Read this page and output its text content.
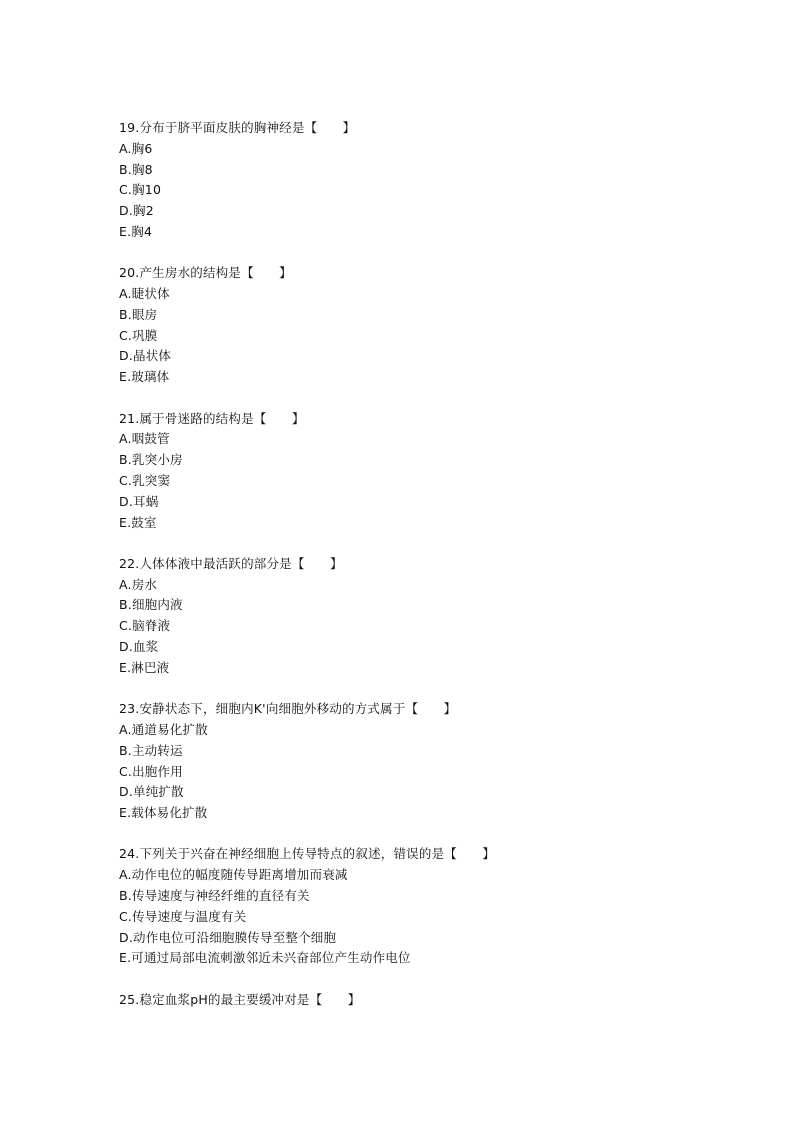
19.分布于脐平面皮肤的胸神经是【　　】
A.胸6
B.胸8
C.胸10
D.胸2
E.胸4
20.产生房水的结构是【　　】
A.睫状体
B.眼房
C.巩膜
D.晶状体
E.玻璃体
21.属于骨迷路的结构是【　　】
A.咽鼓管
B.乳突小房
C.乳突窦
D.耳蜗
E.鼓室
22.人体体液中最活跃的部分是【　　】
A.房水
B.细胞内液
C.脑脊液
D.血浆
E.淋巴液
23.安静状态下，细胞内K'向细胞外移动的方式属于【　　】
A.通道易化扩散
B.主动转运
C.出胞作用
D.单纯扩散
E.载体易化扩散
24.下列关于兴奋在神经细胞上传导特点的叙述，错误的是【　　】
A.动作电位的幅度随传导距离增加而衰减
B.传导速度与神经纤维的直径有关
C.传导速度与温度有关
D.动作电位可沿细胞膜传导至整个细胞
E.可通过局部电流刺激邻近未兴奋部位产生动作电位
25.稳定血浆pH的最主要缓冲对是【　　】
